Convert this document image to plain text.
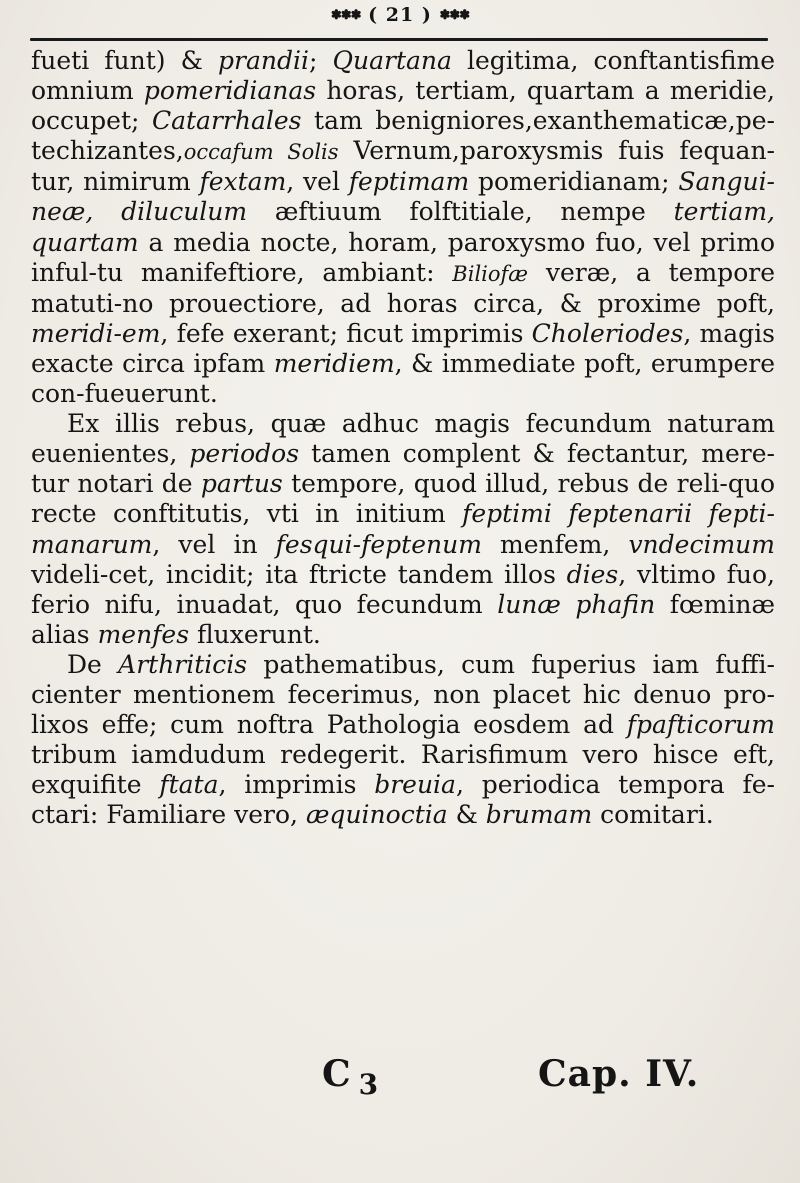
✽✽✽ ( 21 ) ✽✽✽

fueti funt) & prandii; Quartana legitima, conftantisfime omnium pomeridianas horas, tertiam, quartam a meridie, occupet; Catarrhales tam benigniores,exanthematicæ,pe-techizantes,occafum Solis Vernum,paroxysmis fuis fequan-tur, nimirum fextam, vel feptimam pomeridianam; Sangui-neæ, diluculum æftiuum folftitiale, nempe tertiam, quartam a media nocte, horam, paroxysmo fuo, vel primo inful-tu manifeftiore, ambiant: Biliofæ veræ, a tempore matuti-no prouectiore, ad horas circa, & proxime poft, meridi-em, fefe exerant; ficut imprimis Cholerіodes, magis exacte circa ipfam meridiem, & immediate poft, erumpere con-fueuerunt.

Ex illis rebus, quæ adhuc magis fecundum naturam euenientes, periodos tamen complent & fectantur, mere-tur notari de partus tempore, quod illud, rebus de reli-quo recte conftitutis, vti in initium feptimi feptenarii fepti-manarum, vel in fesqui-feptenum menfem, vndecimum videli-cet, incidit; ita ftricte tandem illos dies, vltimo fuo, ferio nifu, inuadat, quo fecundum lunæ phafin fœminæ alias menfes fluxerunt.

De Arthriticis pathematibus, cum fuperius iam fuffi-cienter mentionem fecerimus, non placet hic denuo pro-lixos effe; cum noftra Pathologia eosdem ad fpafticorum tribum iamdudum redegerit. Rarisfimum vero hisce eft, exquifite ftata, imprimis breuia, periodica tempora fe-ctari: Familiare vero, æquinoctia & brumam comitari.

C $_3$	Cap. IV.
